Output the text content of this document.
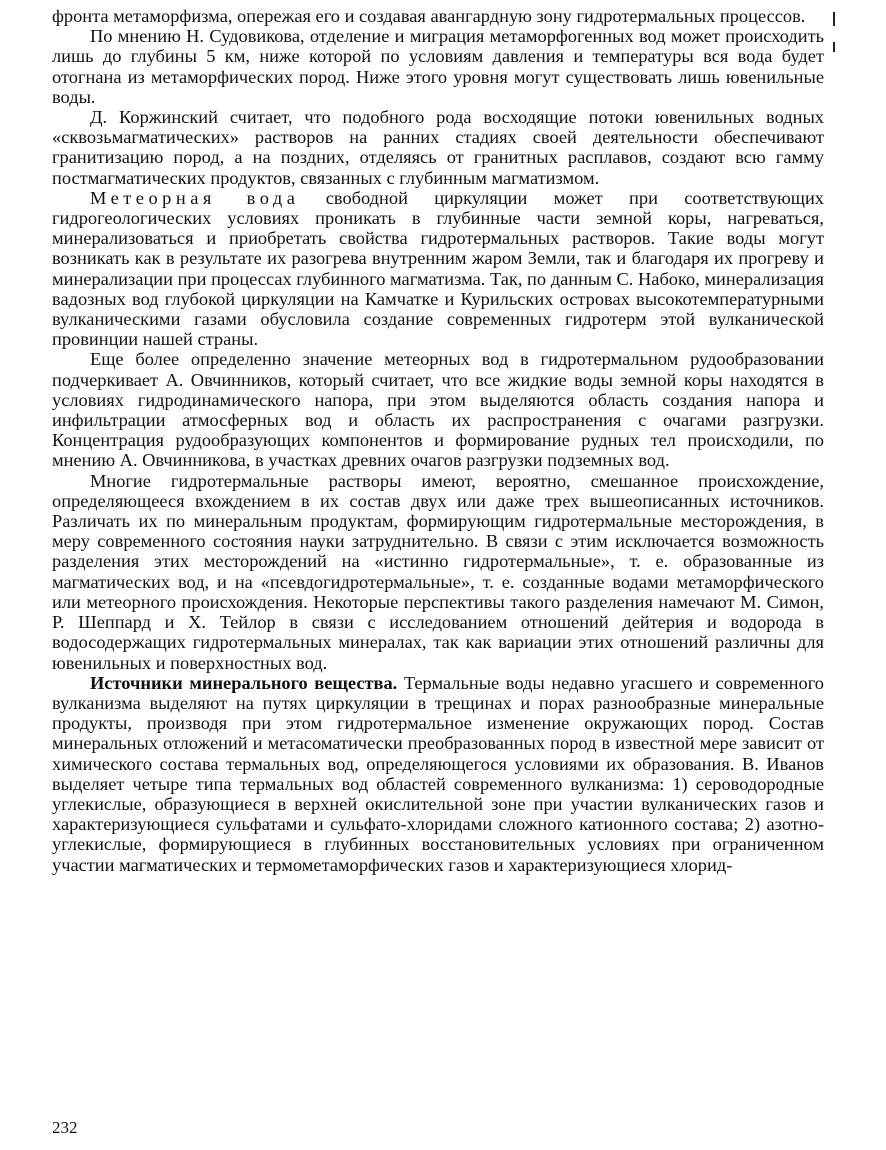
фронта метаморфизма, опережая его и создавая авангардную зону гидротермальных процессов.

По мнению Н. Судовикова, отделение и миграция метаморфогенных вод может происходить лишь до глубины 5 км, ниже которой по условиям давления и температуры вся вода будет отогнана из метаморфических пород. Ниже этого уровня могут существовать лишь ювенильные воды.

Д. Коржинский считает, что подобного рода восходящие потоки ювенильных водных «сквозьмагматических» растворов на ранних стадиях своей деятельности обеспечивают гранитизацию пород, а на поздних, отделяясь от гранитных расплавов, создают всю гамму постмагматических продуктов, связанных с глубинным магматизмом.

Метеорная вода свободной циркуляции может при соответствующих гидрогеологических условиях проникать в глубинные части земной коры, нагреваться, минерализоваться и приобретать свойства гидротермальных растворов. Такие воды могут возникать как в результате их разогрева внутренним жаром Земли, так и благодаря их прогреву и минерализации при процессах глубинного магматизма. Так, по данным С. Набоко, минерализация вадозных вод глубокой циркуляции на Камчатке и Курильских островах высокотемпературными вулканическими газами обусловила создание современных гидротерм этой вулканической провинции нашей страны.

Еще более определенно значение метеорных вод в гидротермальном рудообразовании подчеркивает А. Овчинников, который считает, что все жидкие воды земной коры находятся в условиях гидродинамического напора, при этом выделяются область создания напора и инфильтрации атмосферных вод и область их распространения с очагами разгрузки. Концентрация рудообразующих компонентов и формирование рудных тел происходили, по мнению А. Овчинникова, в участках древних очагов разгрузки подземных вод.

Многие гидротермальные растворы имеют, вероятно, смешанное происхождение, определяющееся вхождением в их состав двух или даже трех вышеописанных источников. Различать их по минеральным продуктам, формирующим гидротермальные месторождения, в меру современного состояния науки затруднительно. В связи с этим исключается возможность разделения этих месторождений на «истинно гидротермальные», т. е. образованные из магматических вод, и на «псевдогидротермальные», т. е. созданные водами метаморфического или метеорного происхождения. Некоторые перспективы такого разделения намечают М. Симон, Р. Шеппард и Х. Тейлор в связи с исследованием отношений дейтерия и водорода в водосодержащих гидротермальных минералах, так как вариации этих отношений различны для ювенильных и поверхностных вод.

Источники минерального вещества. Термальные воды недавно угасшего и современного вулканизма выделяют на путях циркуляции в трещинах и порах разнообразные минеральные продукты, производя при этом гидротермальное изменение окружающих пород. Состав минеральных отложений и метасоматически преобразованных пород в известной мере зависит от химического состава термальных вод, определяющегося условиями их образования. В. Иванов выделяет четыре типа термальных вод областей современного вулканизма: 1) сероводородные углекислые, образующиеся в верхней окислительной зоне при участии вулканических газов и характеризующиеся сульфатами и сульфато-хлоридами сложного катионного состава; 2) азотно-углекислые, формирующиеся в глубинных восстановительных условиях при ограниченном участии магматических и термометаморфических газов и характеризующиеся хлорид-

232
